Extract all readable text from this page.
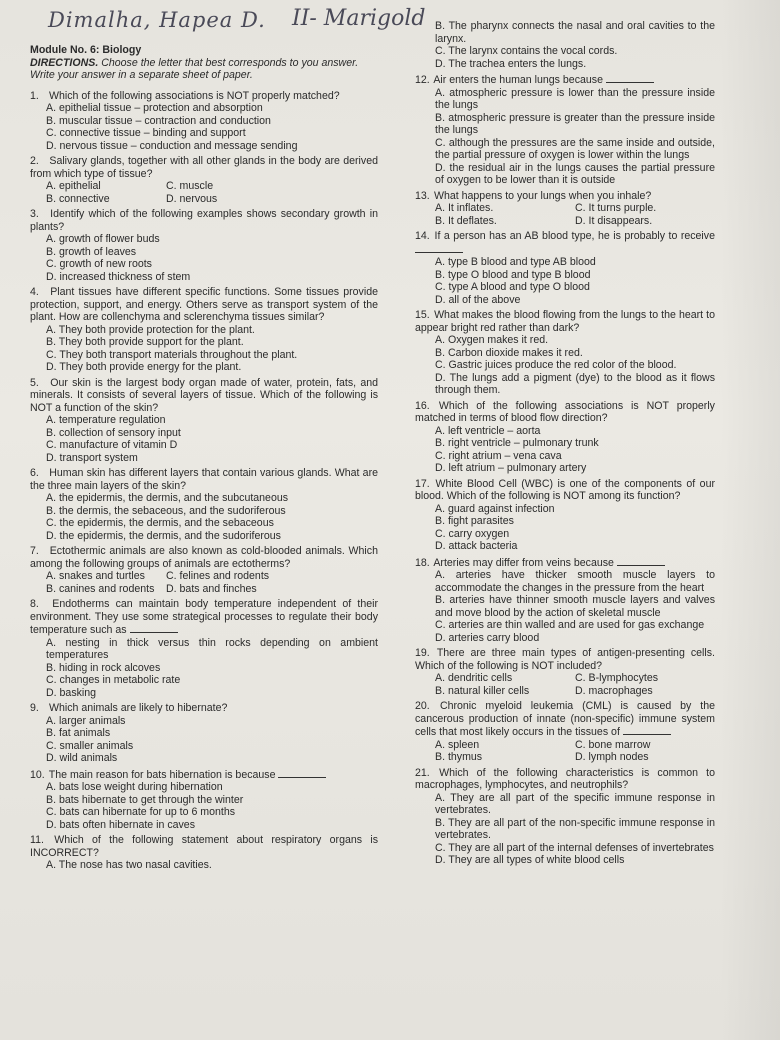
Dimalha, Hapea D. II- Marigold

Module No. 6: Biology

DIRECTIONS. Choose the letter that best corresponds to you answer. Write your answer in a separate sheet of paper.

1. Which of the following associations is NOT properly matched?
A. epithelial tissue – protection and absorption
B. muscular tissue – contraction and conduction
C. connective tissue – binding and support
D. nervous tissue – conduction and message sending
2. Salivary glands, together with all other glands in the body are derived from which type of tissue?
A. epithelial	C. muscle
B. connective	D. nervous
3. Identify which of the following examples shows secondary growth in plants?
A. growth of flower buds
B. growth of leaves
C. growth of new roots
D. increased thickness of stem
4. Plant tissues have different specific functions. Some tissues provide protection, support, and energy. Others serve as transport system of the plant. How are collenchyma and sclerenchyma tissues similar?
A. They both provide protection for the plant.
B. They both provide support for the plant.
C. They both transport materials throughout the plant.
D. They both provide energy for the plant.
5. Our skin is the largest body organ made of water, protein, fats, and minerals. It consists of several layers of tissue. Which of the following is NOT a function of the skin?
A. temperature regulation
B. collection of sensory input
C. manufacture of vitamin D
D. transport system
6. Human skin has different layers that contain various glands. What are the three main layers of the skin?
A. the epidermis, the dermis, and the subcutaneous
B. the dermis, the sebaceous, and the sudoriferous
C. the epidermis, the dermis, and the sebaceous
D. the epidermis, the dermis, and the sudoriferous
7. Ectothermic animals are also known as cold-blooded animals. Which among the following groups of animals are ectotherms?
A. snakes and turtles	C. felines and rodents
B. canines and rodents	D. bats and finches
8. Endotherms can maintain body temperature independent of their environment. They use some strategical processes to regulate their body temperature such as
A. nesting in thick versus thin rocks depending on ambient temperatures
B. hiding in rock alcoves
C. changes in metabolic rate
D. basking
9. Which animals are likely to hibernate?
A. larger animals
B. fat animals
C. smaller animals
D. wild animals
10. The main reason for bats hibernation is because
A. bats lose weight during hibernation
B. bats hibernate to get through the winter
C. bats can hibernate for up to 6 months
D. bats often hibernate in caves
11. Which of the following statement about respiratory organs is INCORRECT?
A. The nose has two nasal cavities.
B. The pharynx connects the nasal and oral cavities to the larynx.
C. The larynx contains the vocal cords.
D. The trachea enters the lungs.
12. Air enters the human lungs because
A. atmospheric pressure is lower than the pressure inside the lungs
B. atmospheric pressure is greater than the pressure inside the lungs
C. although the pressures are the same inside and outside, the partial pressure of oxygen is lower within the lungs
D. the residual air in the lungs causes the partial pressure of oxygen to be lower than it is outside
13. What happens to your lungs when you inhale?
A. It inflates.	C. It turns purple.
B. It deflates.	D. It disappears.
14. If a person has an AB blood type, he is probably to receive
A. type B blood and type AB blood
B. type O blood and type B blood
C. type A blood and type O blood
D. all of the above
15. What makes the blood flowing from the lungs to the heart to appear bright red rather than dark?
A. Oxygen makes it red.
B. Carbon dioxide makes it red.
C. Gastric juices produce the red color of the blood.
D. The lungs add a pigment (dye) to the blood as it flows through them.
16. Which of the following associations is NOT properly matched in terms of blood flow direction?
A. left ventricle – aorta
B. right ventricle – pulmonary trunk
C. right atrium – vena cava
D. left atrium – pulmonary artery
17. White Blood Cell (WBC) is one of the components of our blood. Which of the following is NOT among its function?
A. guard against infection
B. fight parasites
C. carry oxygen
D. attack bacteria
18. Arteries may differ from veins because
A. arteries have thicker smooth muscle layers to accommodate the changes in the pressure from the heart
B. arteries have thinner smooth muscle layers and valves and move blood by the action of skeletal muscle
C. arteries are thin walled and are used for gas exchange
D. arteries carry blood
19. There are three main types of antigen-presenting cells. Which of the following is NOT included?
A. dendritic cells	C. B-lymphocytes
B. natural killer cells	D. macrophages
20. Chronic myeloid leukemia (CML) is caused by the cancerous production of innate (non-specific) immune system cells that most likely occurs in the tissues of
A. spleen	C. bone marrow
B. thymus	D. lymph nodes
21. Which of the following characteristics is common to macrophages, lymphocytes, and neutrophils?
A. They are all part of the specific immune response in vertebrates.
B. They are all part of the non-specific immune response in vertebrates.
C. They are all part of the internal defenses of invertebrates
D. They are all types of white blood cells
